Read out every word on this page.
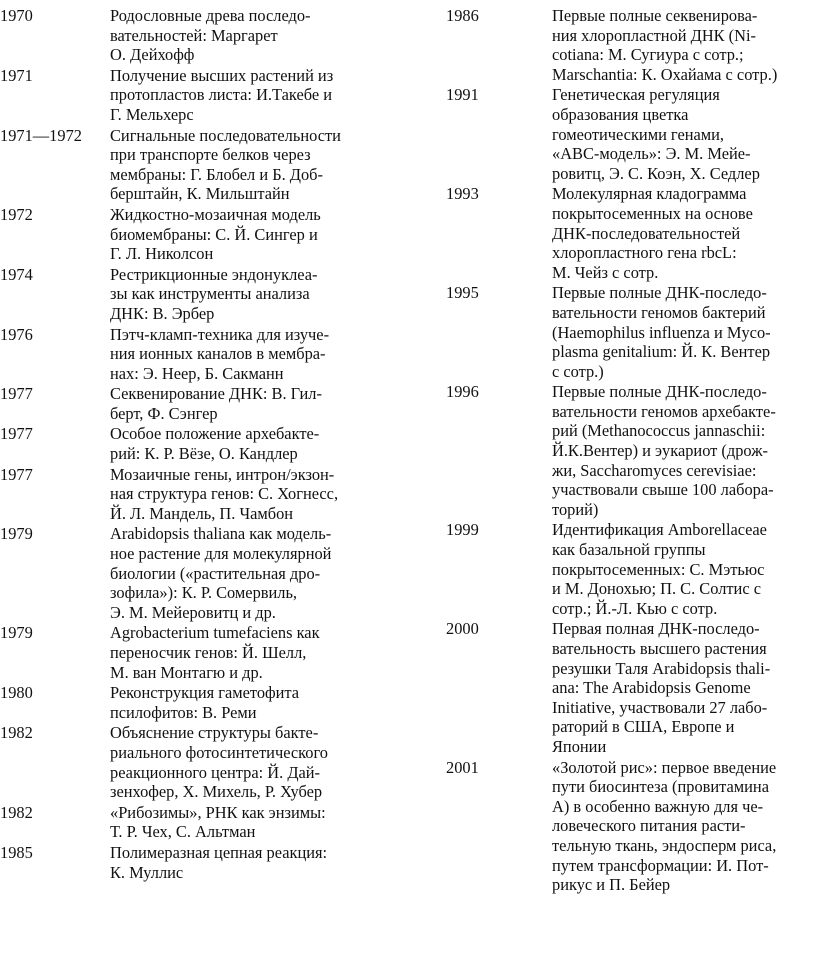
1970	Родословные древа последо-
вательностей: Маргарет
О. Дейхофф
1971	Получение высших растений из
протопластов листа: И.Такебе и
Г. Мельхерс
1971—1972	Сигнальные последовательности
при транспорте белков через
мембраны: Г. Блобел и Б. Доб-
берштайн, К. Мильштайн
1972	Жидкостно-мозаичная модель
биомембраны: С. Й. Сингер и
Г. Л. Николсон
1974	Рестрикционные эндонуклеа-
зы как инструменты анализа
ДНК: В. Эрбер
1976	Пэтч-кламп-техника для изуче-
ния ионных каналов в мембра-
нах: Э. Неер, Б. Сакманн
1977	Секвенирование ДНК: В. Гил-
берт, Ф. Сэнгер
1977	Особое положение архебакте-
рий: К. Р. Вёзе, О. Кандлер
1977	Мозаичные гены, интрон/экзон-
ная структура генов: С. Хогнесс,
Й. Л. Мандель, П. Чамбон
1979	Arabidopsis thaliana как модель-
ное растение для молекулярной
биологии («растительная дро-
зофила»): К. Р. Сомервиль,
Э. М. Мейеровитц и др.
1979	Agrobacterium tumefaciens как
переносчик генов: Й. Шелл,
М. ван Монтагю и др.
1980	Реконструкция гаметофита
псилофитов: В. Реми
1982	Объяснение структуры бакте-
риального фотосинтетического
реакционного центра: Й. Дай-
зенхофер, Х. Михель, Р. Хубер
1982	«Рибозимы», РНК как энзимы:
Т. Р. Чех, С. Альтман
1985	Полимеразная цепная реакция:
К. Муллис
1986	Первые полные секвенирова-
ния хлоропластной ДНК (Ni-
cotiana: М. Сугиура с сотр.;
Marschantia: К. Охайама с сотр.)
1991	Генетическая регуляция
образования цветка
гомеотическими генами,
«АВС-модель»: Э. М. Мейе-
ровитц, Э. С. Коэн, Х. Седлер
1993	Молекулярная кладограмма
покрытосеменных на основе
ДНК-последовательностей
хлоропластного гена rbcL:
М. Чейз с сотр.
1995	Первые полные ДНК-последо-
вательности геномов бактерий
(Haemophilus influenza и Myco-
plasma genitalium: Й. К. Вентер
с сотр.)
1996	Первые полные ДНК-последо-
вательности геномов архебакте-
рий (Methanococcus jannaschii:
Й.К.Вентер) и эукариот (дрож-
жи, Saccharomyces cerevisiae:
участвовали свыше 100 лабора-
торий)
1999	Идентификация Amborellaceae
как базальной группы
покрытосеменных: С. Мэтьюс
и М. Донохью; П. С. Солтис с
сотр.; Й.-Л. Кью с сотр.
2000	Первая полная ДНК-последо-
вательность высшего растения
резушки Таля Arabidopsis thali-
ana: The Arabidopsis Genome
Initiative, участвовали 27 лабо-
раторий в США, Европе и
Японии
2001	«Золотой рис»: первое введение
пути биосинтеза (провитамина
А) в особенно важную для че-
ловеческого питания расти-
тельную ткань, эндосперм риса,
путем трансформации: И. Пот-
рикус и П. Бейер
